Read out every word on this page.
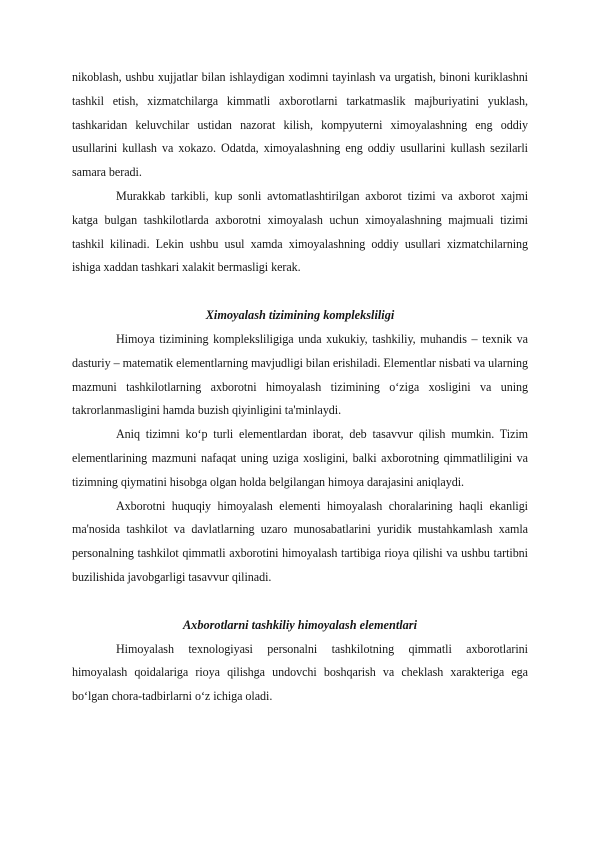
nikoblash, ushbu xujjatlar bilan ishlaydigan xodimni tayinlash va urgatish, binoni kuriklashni tashkil etish, xizmatchilarga kimmatli axborotlarni tarkatmaslik majburiyatini yuklash, tashkaridan keluvchilar ustidan nazorat kilish, kompyuterni ximoyalashning eng oddiy usullarini kullash va xokazo. Odatda, ximoyalashning eng oddiy usullarini kullash sezilarli samara beradi.

Murakkab tarkibli, kup sonli avtomatlashtirilgan axborot tizimi va axborot xajmi katga bulgan tashkilotlarda axborotni ximoyalash uchun ximoyalashning majmuali tizimi tashkil kilinadi. Lekin ushbu usul xamda ximoyalashning oddiy usullari xizmatchilarning ishiga xaddan tashkari xalakit bermasligi kerak.

Ximoyalash tizimining kompleksliligi

Himoya tizimining kompleksliligiga unda xukukiy, tashkiliy, muhandis – texnik va dasturiy – matematik elementlarning mavjudligi bilan erishiladi. Elementlar nisbati va ularning mazmuni tashkilotlarning axborotni himoyalash tizimining o‘ziga xosligini va uning takrorlanmasligini hamda buzish qiyinligini ta'minlaydi.

Aniq tizimni ko‘p turli elementlardan iborat, deb tasavvur qilish mumkin. Tizim elementlarining mazmuni nafaqat uning uziga xosligini, balki axborotning qimmatliligini va tizimning qiymatini hisobga olgan holda belgilangan himoya darajasini aniqlaydi.

Axborotni huquqiy himoyalash elementi himoyalash choralarining haqli ekanligi ma'nosida tashkilot va davlatlarning uzaro munosabatlarini yuridik mustahkamlash xamla personalning tashkilot qimmatli axborotini himoyalash tartibiga rioya qilishi va ushbu tartibni buzilishida javobgarligi tasavvur qilinadi.

Axborotlarni tashkiliy himoyalash elementlari

Himoyalash texnologiyasi personalni tashkilotning qimmatli axborotlarini himoyalash qoidalariga rioya qilishga undovchi boshqarish va cheklash xarakteriga ega bo‘lgan chora-tadbirlarni o‘z ichiga oladi.
